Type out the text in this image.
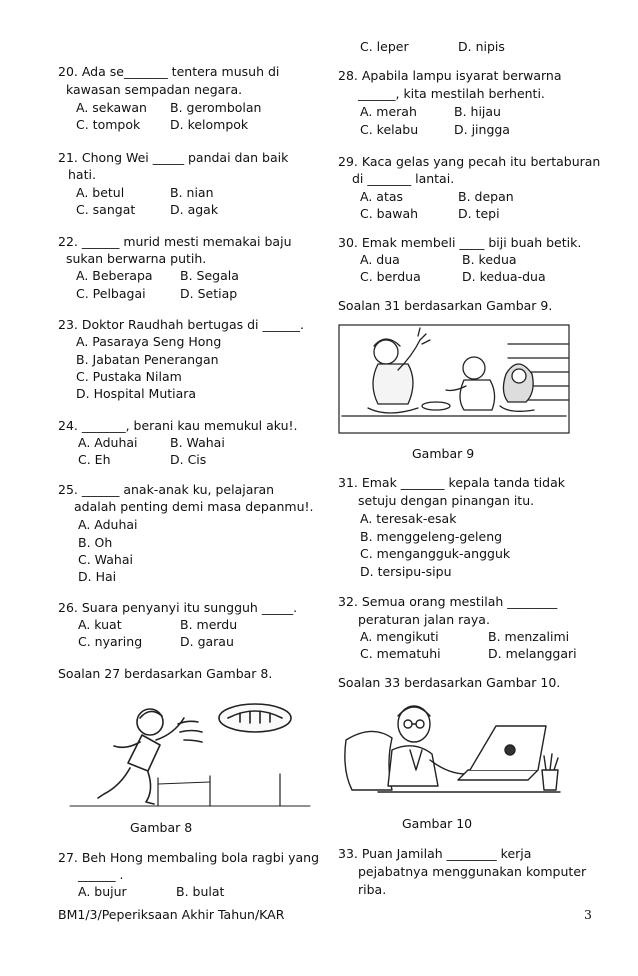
20. Ada se_______ tentera musuh di
kawasan sempadan negara.
A. sekawan B. gerombolan
C. tompok D. kelompok
21. Chong Wei _____ pandai dan baik
hati.
A. betul	B. nian
C. sangat	D. agak
22. ______ murid mesti memakai baju
sukan berwarna putih.
A. Beberapa B. Segala
C. Pelbagai	D. Setiap
23. Doktor Raudhah bertugas di ______.
A. Pasaraya Seng Hong
B. Jabatan Penerangan
C. Pustaka Nilam
D. Hospital Mutiara
24. _______, berani kau memukul aku!.
A. Aduhai	B. Wahai
C. Eh	D. Cis
25. ______ anak-anak ku, pelajaran
adalah penting demi masa depanmu!.
A. Aduhai
B. Oh
C. Wahai
D. Hai
26. Suara penyanyi itu sungguh _____.
A. kuat	B. merdu
C. nyaring	D. garau
Soalan 27 berdasarkan Gambar 8.
Gambar 8
27. Beh Hong membaling bola ragbi yang
______ .
A. bujur	B. bulat
C. leper	D. nipis
28. Apabila lampu isyarat berwarna
______, kita mestilah berhenti.
A. merah	B. hijau
C. kelabu	D. jingga
29. Kaca gelas yang pecah itu bertaburan
di _______ lantai.
A. atas	B. depan
C. bawah	D. tepi
30. Emak membeli ____ biji buah betik.
A. dua	B. kedua
C. berdua	D. kedua-dua
Soalan 31 berdasarkan Gambar 9.
Gambar 9
31. Emak _______ kepala tanda tidak
setuju dengan pinangan itu.
A. teresak-esak
B. menggeleng-geleng
C. mengangguk-angguk
D. tersipu-sipu
32. Semua orang mestilah ________
peraturan jalan raya.
A. mengikuti	B. menzalimi
C. mematuhi	D. melanggari
Soalan 33 berdasarkan Gambar 10.
Gambar 10
33. Puan Jamilah ________ kerja
pejabatnya menggunakan komputer
riba.
BM1/3/Peperiksaan Akhir Tahun/KAR	3
